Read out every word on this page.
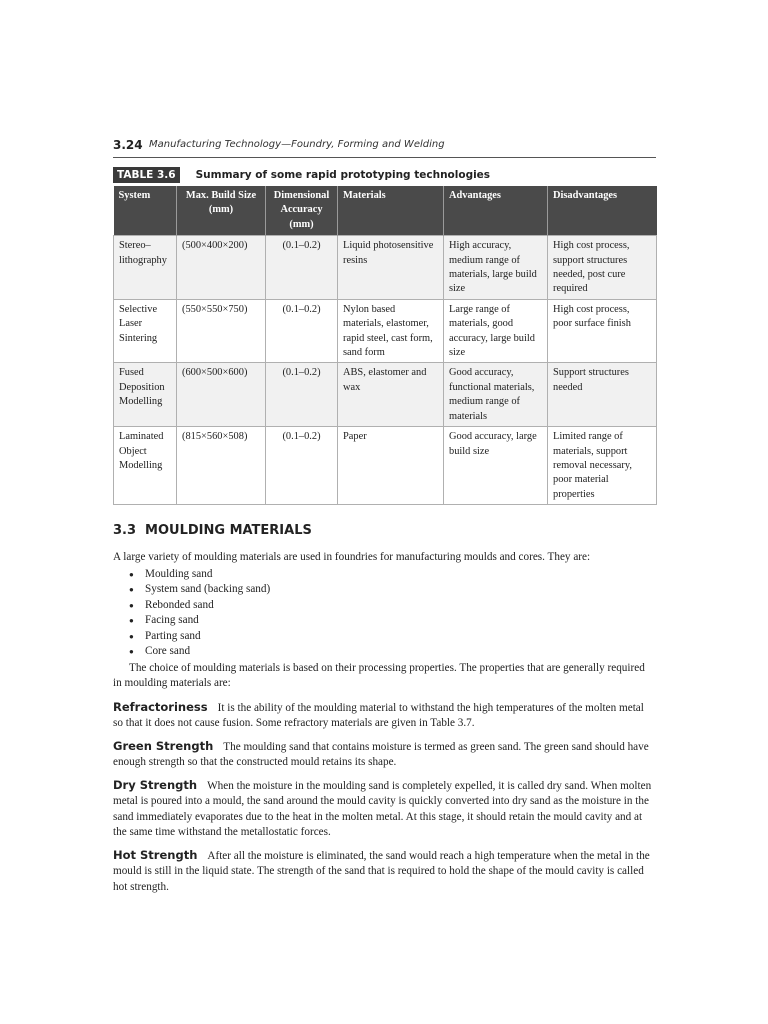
3.24 Manufacturing Technology—Foundry, Forming and Welding
TABLE 3.6 Summary of some rapid prototyping technologies
System	Max. Build Size (mm)	Dimensional Accuracy (mm)	Materials	Advantages	Disadvantages
Stereo– lithography	(500×400×200)	(0.1–0.2)	Liquid photosensitive resins	High accuracy, medium range of materials, large build size	High cost process, support structures needed, post cure required
Selective Laser Sintering	(550×550×750)	(0.1–0.2)	Nylon based materials, elastomer, rapid steel, cast form, sand form	Large range of materials, good accuracy, large build size	High cost process, poor surface finish
Fused Deposition Modelling	(600×500×600)	(0.1–0.2)	ABS, elastomer and wax	Good accuracy, functional materials, medium range of materials	Support structures needed
Laminated Object Modelling	(815×560×508)	(0.1–0.2)	Paper	Good accuracy, large build size	Limited range of materials, support removal necessary, poor material properties
3.3 MOULDING MATERIALS
A large variety of moulding materials are used in foundries for manufacturing moulds and cores. They are:
● Moulding sand
● System sand (backing sand)
● Rebonded sand
● Facing sand
● Parting sand
● Core sand
The choice of moulding materials is based on their processing properties. The properties that are generally required in moulding materials are:
Refractoriness It is the ability of the moulding material to withstand the high temperatures of the molten metal so that it does not cause fusion. Some refractory materials are given in Table 3.7.
Green Strength The moulding sand that contains moisture is termed as green sand. The green sand should have enough strength so that the constructed mould retains its shape.
Dry Strength When the moisture in the moulding sand is completely expelled, it is called dry sand. When molten metal is poured into a mould, the sand around the mould cavity is quickly converted into dry sand as the moisture in the sand immediately evaporates due to the heat in the molten metal. At this stage, it should retain the mould cavity and at the same time withstand the metallostatic forces.
Hot Strength After all the moisture is eliminated, the sand would reach a high temperature when the metal in the mould is still in the liquid state. The strength of the sand that is required to hold the shape of the mould cavity is called hot strength.
